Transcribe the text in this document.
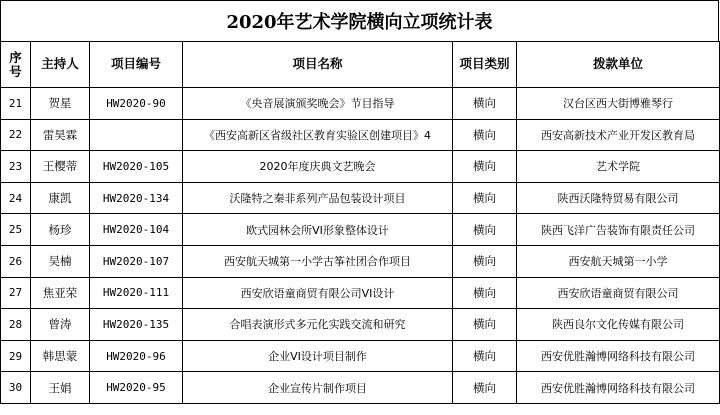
2020年艺术学院横向立项统计表
序号	主持人	项目编号	项目名称	项目类别	拨款单位
21	贺星	HW2020-90	《央音展演颁奖晚会》节目指导	横向	汉台区西大街博雅琴行
22	雷昊霖		《西安高新区省级社区教育实验区创建项目》4	横向	西安高新技术产业开发区教育局
23	王樱蒂	HW2020-105	2020年度庆典文艺晚会	横向	艺术学院
24	康凯	HW2020-134	沃隆特之秦非系列产品包装设计项目	横向	陕西沃隆特贸易有限公司
25	杨珍	HW2020-104	欧式园林会所VI形象整体设计	横向	陕西飞洋广告装饰有限责任公司
26	吴楠	HW2020-107	西安航天城第一小学古筝社团合作项目	横向	西安航天城第一小学
27	焦亚荣	HW2020-111	西安欣语童商贸有限公司VI设计	横向	西安欣语童商贸有限公司
28	曾涛	HW2020-135	合唱表演形式多元化实践交流和研究	横向	陕西良尔文化传媒有限公司
29	韩思蒙	HW2020-96	企业VI设计项目制作	横向	西安优胜瀚博网络科技有限公司
30	王娟	HW2020-95	企业宣传片制作项目	横向	西安优胜瀚博网络科技有限公司
